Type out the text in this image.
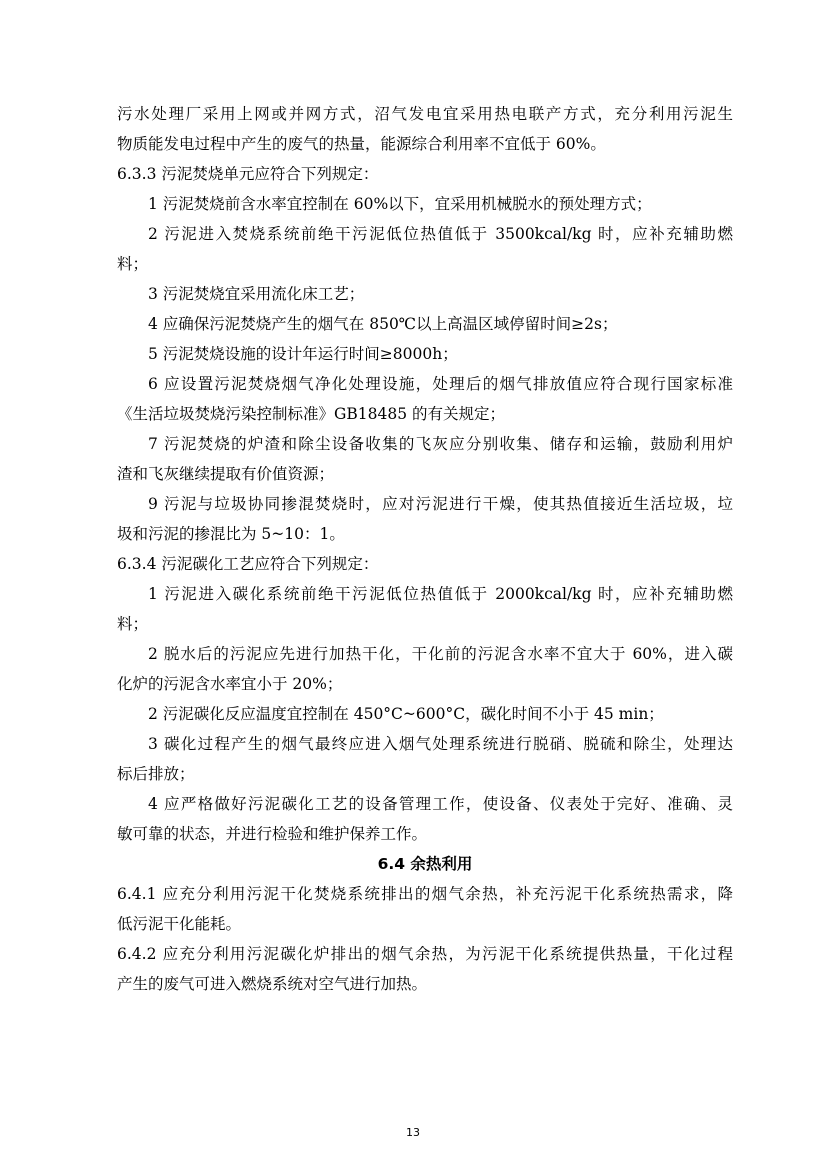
污水处理厂采用上网或并网方式，沼气发电宜采用热电联产方式，充分利用污泥生
物质能发电过程中产生的废气的热量，能源综合利用率不宜低于 60%。
6.3.3 污泥焚烧单元应符合下列规定：
1 污泥焚烧前含水率宜控制在 60%以下，宜采用机械脱水的预处理方式；
2 污泥进入焚烧系统前绝干污泥低位热值低于 3500kcal/kg 时，应补充辅助燃
料；
3 污泥焚烧宜采用流化床工艺；
4 应确保污泥焚烧产生的烟气在 850℃以上高温区域停留时间≥2s；
5 污泥焚烧设施的设计年运行时间≥8000h；
6 应设置污泥焚烧烟气净化处理设施，处理后的烟气排放值应符合现行国家标准
《生活垃圾焚烧污染控制标准》GB18485 的有关规定；
7 污泥焚烧的炉渣和除尘设备收集的飞灰应分别收集、储存和运输，鼓励利用炉
渣和飞灰继续提取有价值资源；
9 污泥与垃圾协同掺混焚烧时，应对污泥进行干燥，使其热值接近生活垃圾，垃
圾和污泥的掺混比为 5~10：1。
6.3.4 污泥碳化工艺应符合下列规定：
1 污泥进入碳化系统前绝干污泥低位热值低于 2000kcal/kg 时，应补充辅助燃
料；
2 脱水后的污泥应先进行加热干化，干化前的污泥含水率不宜大于 60%，进入碳
化炉的污泥含水率宜小于 20%；
2 污泥碳化反应温度宜控制在 450°C~600°C，碳化时间不小于 45 min；
3 碳化过程产生的烟气最终应进入烟气处理系统进行脱硝、脱硫和除尘，处理达
标后排放；
4 应严格做好污泥碳化工艺的设备管理工作，使设备、仪表处于完好、准确、灵
敏可靠的状态，并进行检验和维护保养工作。
6.4 余热利用
6.4.1 应充分利用污泥干化焚烧系统排出的烟气余热，补充污泥干化系统热需求，降
低污泥干化能耗。
6.4.2 应充分利用污泥碳化炉排出的烟气余热，为污泥干化系统提供热量，干化过程
产生的废气可进入燃烧系统对空气进行加热。
13
